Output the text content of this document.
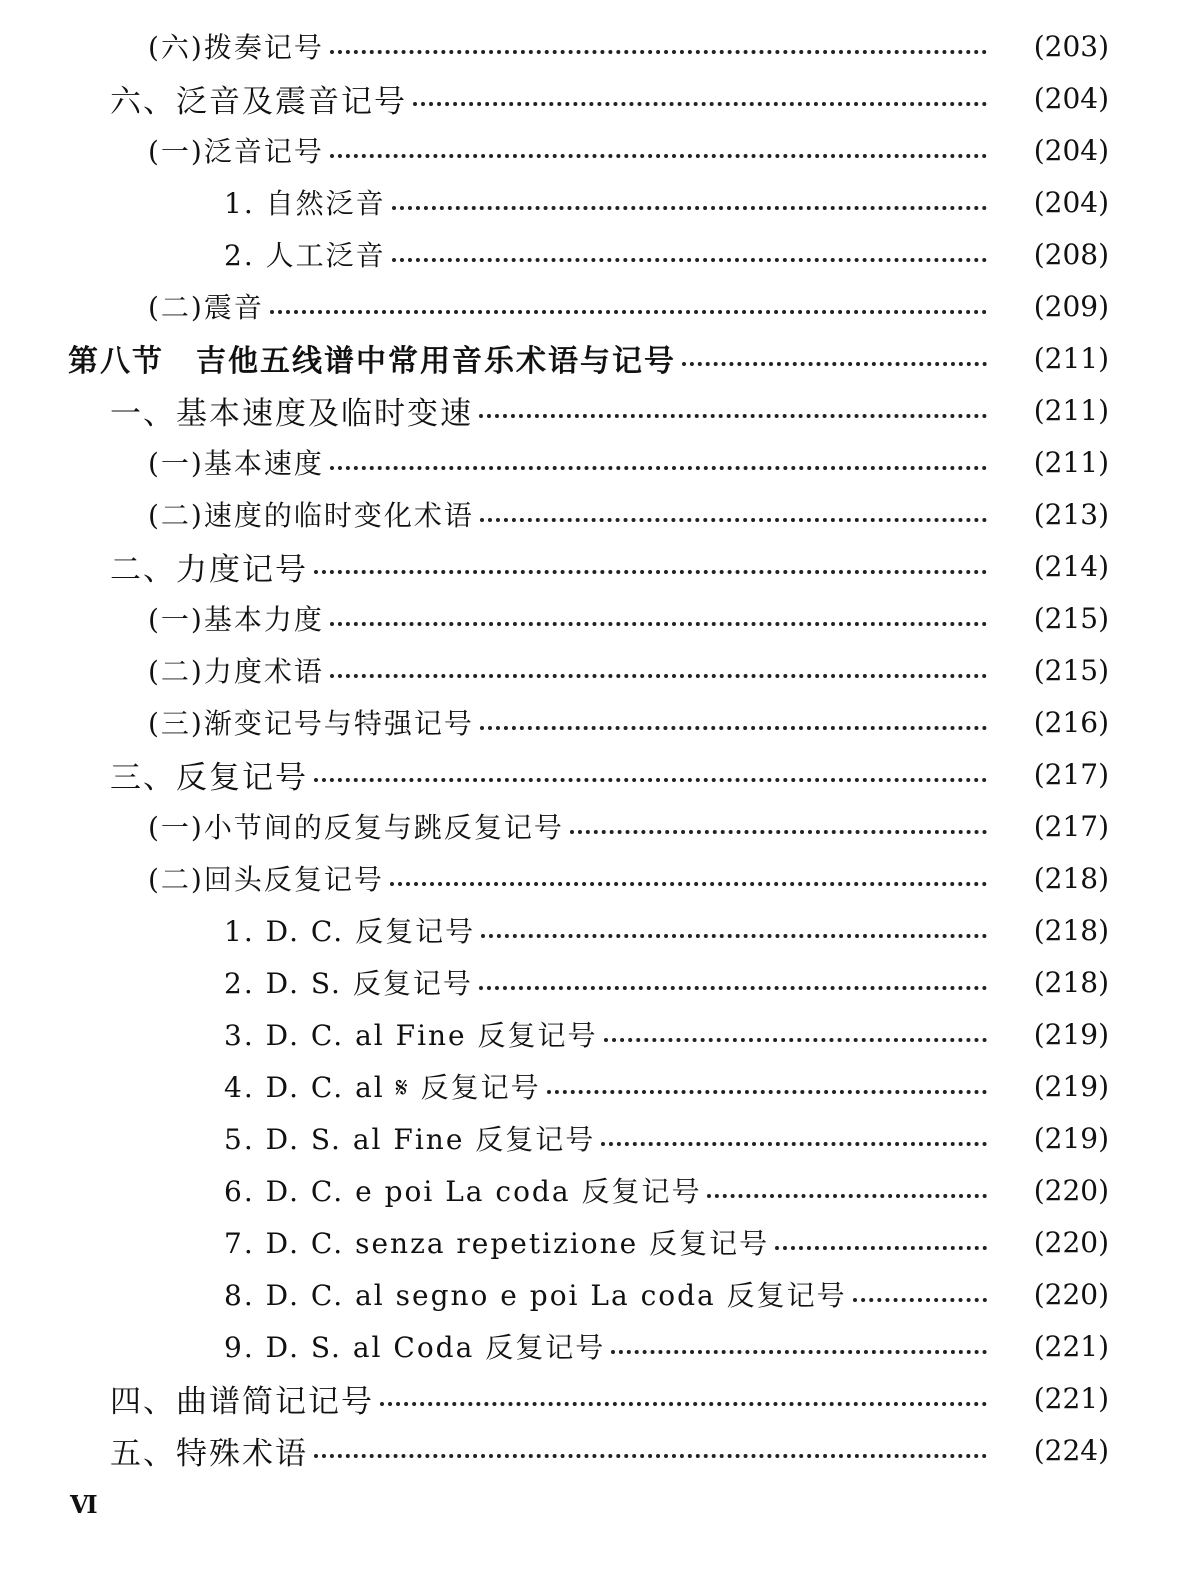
(六)拨奏记号	(203)
六、泛音及震音记号	(204)
(一)泛音记号	(204)
1. 自然泛音	(204)
2. 人工泛音	(208)
(二)震音	(209)
第八节　吉他五线谱中常用音乐术语与记号	(211)
一、基本速度及临时变速	(211)
(一)基本速度	(211)
(二)速度的临时变化术语	(213)
二、力度记号	(214)
(一)基本力度	(215)
(二)力度术语	(215)
(三)渐变记号与特强记号	(216)
三、反复记号	(217)
(一)小节间的反复与跳反复记号	(217)
(二)回头反复记号	(218)
1. D. C. 反复记号	(218)
2. D. S. 反复记号	(218)
3. D. C. al Fine 反复记号	(219)
4. D. C. al 𝄋 反复记号	(219)
5. D. S. al Fine 反复记号	(219)
6. D. C. e poi La coda 反复记号	(220)
7. D. C. senza repetizione 反复记号	(220)
8. D. C. al segno e poi La coda 反复记号	(220)
9. D. S. al Coda 反复记号	(221)
四、曲谱简记记号	(221)
五、特殊术语	(224)
Ⅵ
